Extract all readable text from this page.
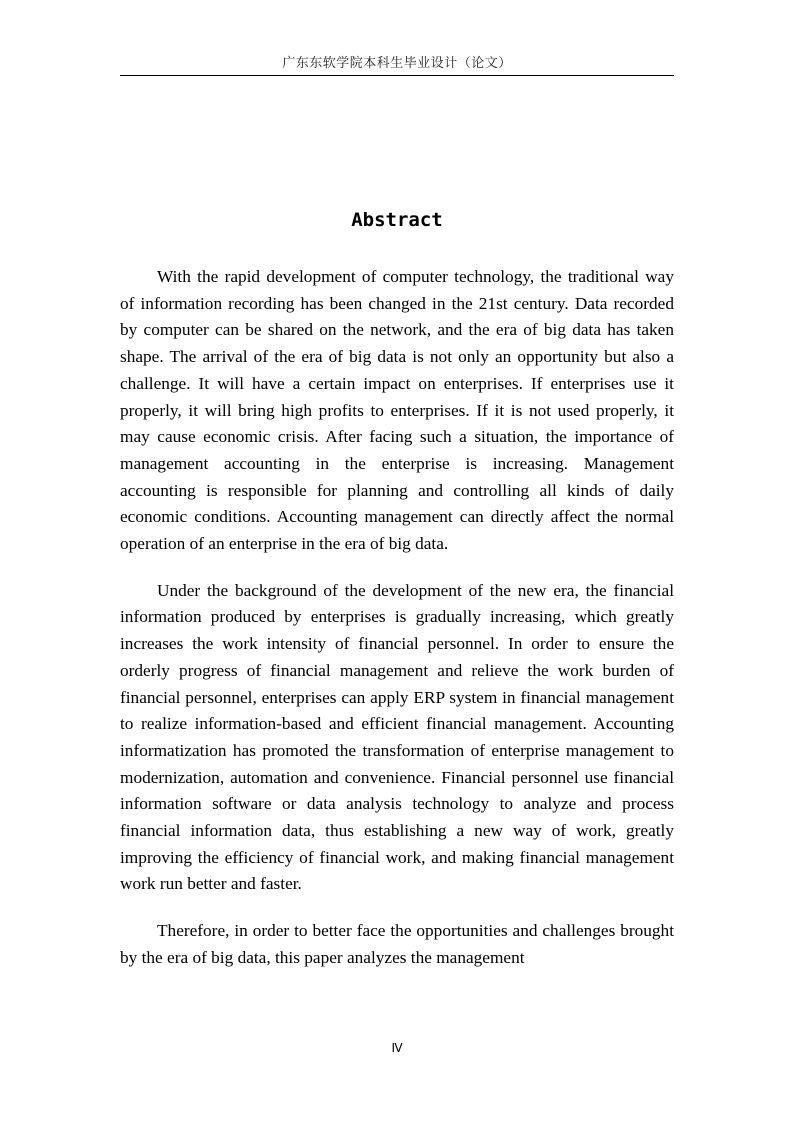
广东东软学院本科生毕业设计（论文）
Abstract

With the rapid development of computer technology, the traditional way of information recording has been changed in the 21st century. Data recorded by computer can be shared on the network, and the era of big data has taken shape. The arrival of the era of big data is not only an opportunity but also a challenge. It will have a certain impact on enterprises. If enterprises use it properly, it will bring high profits to enterprises. If it is not used properly, it may cause economic crisis. After facing such a situation, the importance of management accounting in the enterprise is increasing. Management accounting is responsible for planning and controlling all kinds of daily economic conditions. Accounting management can directly affect the normal operation of an enterprise in the era of big data.

Under the background of the development of the new era, the financial information produced by enterprises is gradually increasing, which greatly increases the work intensity of financial personnel. In order to ensure the orderly progress of financial management and relieve the work burden of financial personnel, enterprises can apply ERP system in financial management to realize information-based and efficient financial management. Accounting informatization has promoted the transformation of enterprise management to modernization, automation and convenience. Financial personnel use financial information software or data analysis technology to analyze and process financial information data, thus establishing a new way of work, greatly improving the efficiency of financial work, and making financial management work run better and faster.

Therefore, in order to better face the opportunities and challenges brought by the era of big data, this paper analyzes the management

Ⅳ
